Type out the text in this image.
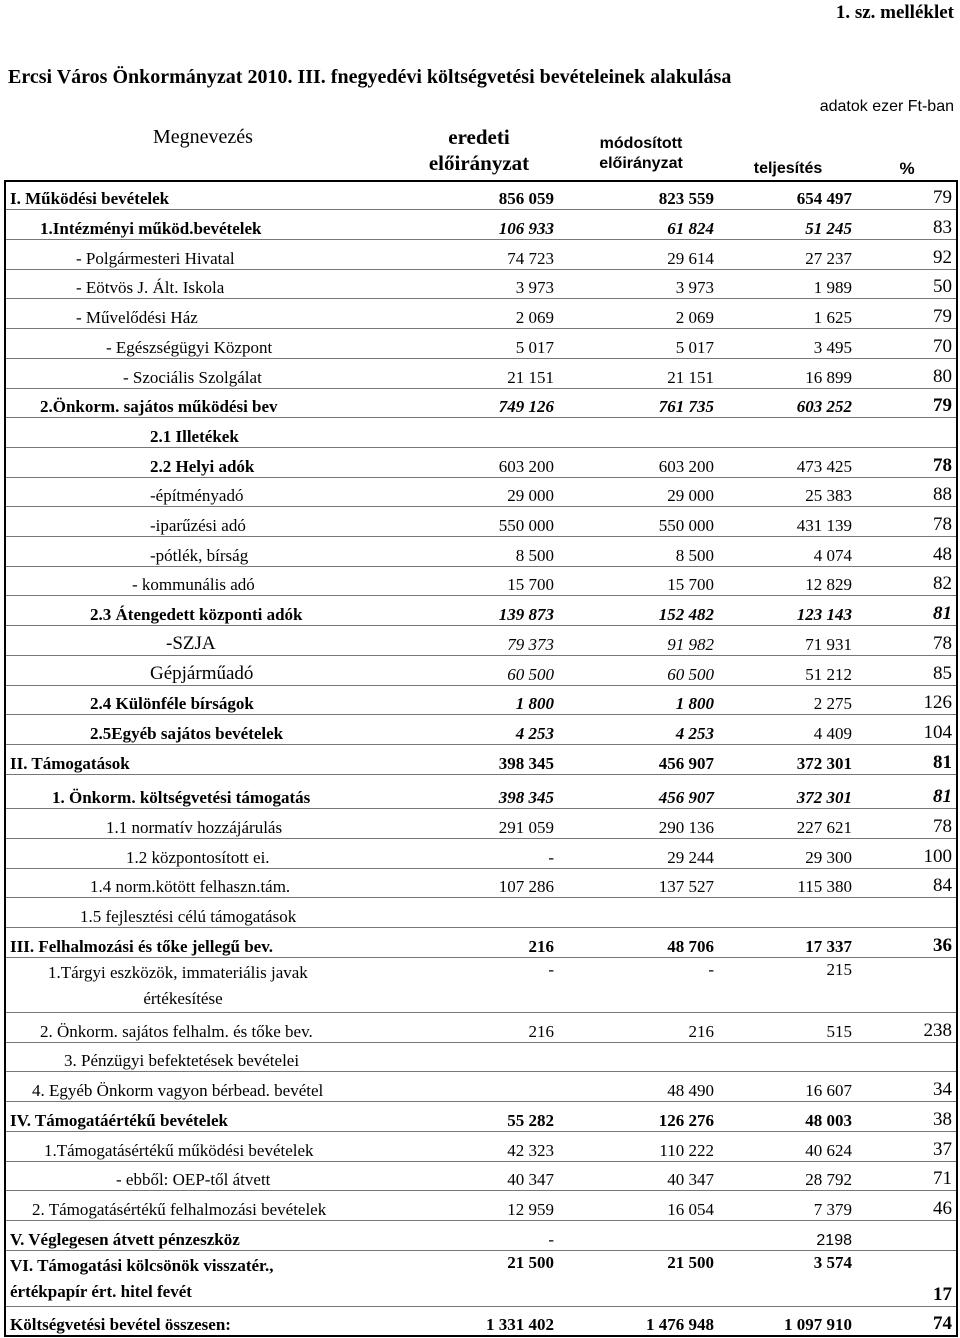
1. sz. melléklet
Ercsi Város Önkormányzat 2010. III. fnegyedévi költségvetési bevételeinek alakulása
adatok ezer Ft-ban
Megnevezés	eredeti
előirányzat
módosított
előirányzat	teljesítés	%
I. Működési bevételek	856 059	823 559	654 497	79
1.Intézményi működ.bevételek	106 933	61 824	51 245	83
- Polgármesteri Hivatal	74 723	29 614	27 237	92
- Eötvös J. Ált. Iskola	3 973	3 973	1 989	50
- Művelődési Ház	2 069	2 069	1 625	79
- Egészségügyi Központ	5 017	5 017	3 495	70
- Szociális Szolgálat	21 151	21 151	16 899	80
2.Önkorm. sajátos működési bev	749 126	761 735	603 252	79
2.1 Illetékek				
2.2 Helyi adók	603 200	603 200	473 425	78
-építményadó	29 000	29 000	25 383	88
-iparűzési adó	550 000	550 000	431 139	78
-pótlék, bírság	8 500	8 500	4 074	48
- kommunális adó	15 700	15 700	12 829	82
2.3 Átengedett központi adók	139 873	152 482	123 143	81
-SZJA	79 373	91 982	71 931	78
Gépjárműadó	60 500	60 500	51 212	85
2.4 Különféle bírságok	1 800	1 800	2 275	126
2.5Egyéb sajátos bevételek	4 253	4 253	4 409	104
II. Támogatások	398 345	456 907	372 301	81
1. Önkorm. költségvetési támogatás	398 345	456 907	372 301	81
1.1 normatív hozzájárulás	291 059	290 136	227 621	78
1.2 központosított ei.	-	29 244	29 300	100
1.4 norm.kötött felhaszn.tám.	107 286	137 527	115 380	84
1.5 fejlesztési célú támogatások				
III. Felhalmozási és tőke jellegű bev.	216	48 706	17 337	36
1.Tárgyi eszközök, immateriális javak

értékesítése	-	-	215	
2. Önkorm. sajátos felhalm. és tőke bev.	216	216	515	238
3. Pénzügyi befektetések bevételei				
4. Egyéb Önkorm vagyon bérbead. bevétel		48 490	16 607	34
IV. Támogatáértékű bevételek	55 282	126 276	48 003	38
1.Támogatásértékű működési bevételek	42 323	110 222	40 624	37
- ebből: OEP-től átvett	40 347	40 347	28 792	71
2. Támogatásértékű felhalmozási bevételek	12 959	16 054	7 379	46
V. Véglegesen átvett pénzeszköz	-		2198	
VI. Támogatási kölcsönök visszatér.,
értékpapír ért. hitel fevét	21 500	21 500	3 574	17
Költségvetési bevétel összesen:	1 331 402	1 476 948	1 097 910	74
